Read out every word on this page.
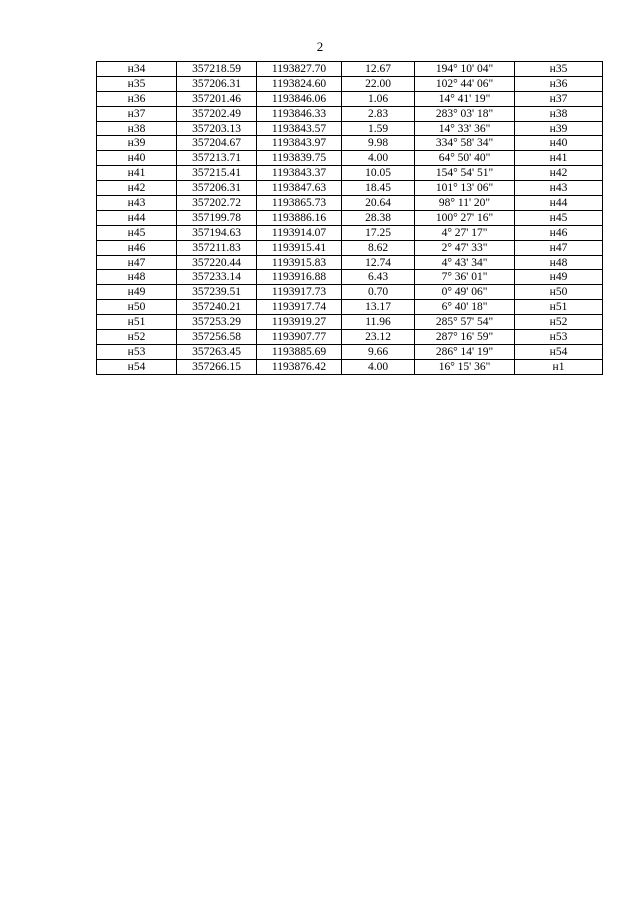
2
н34	357218.59	1193827.70	12.67	194° 10' 04"	н35
н35	357206.31	1193824.60	22.00	102° 44' 06"	н36
н36	357201.46	1193846.06	1.06	14° 41' 19"	н37
н37	357202.49	1193846.33	2.83	283° 03' 18"	н38
н38	357203.13	1193843.57	1.59	14° 33' 36"	н39
н39	357204.67	1193843.97	9.98	334° 58' 34"	н40
н40	357213.71	1193839.75	4.00	64° 50' 40"	н41
н41	357215.41	1193843.37	10.05	154° 54' 51"	н42
н42	357206.31	1193847.63	18.45	101° 13' 06"	н43
н43	357202.72	1193865.73	20.64	98° 11' 20"	н44
н44	357199.78	1193886.16	28.38	100° 27' 16"	н45
н45	357194.63	1193914.07	17.25	4° 27' 17"	н46
н46	357211.83	1193915.41	8.62	2° 47' 33"	н47
н47	357220.44	1193915.83	12.74	4° 43' 34"	н48
н48	357233.14	1193916.88	6.43	7° 36' 01"	н49
н49	357239.51	1193917.73	0.70	0° 49' 06"	н50
н50	357240.21	1193917.74	13.17	6° 40' 18"	н51
н51	357253.29	1193919.27	11.96	285° 57' 54"	н52
н52	357256.58	1193907.77	23.12	287° 16' 59"	н53
н53	357263.45	1193885.69	9.66	286° 14' 19"	н54
н54	357266.15	1193876.42	4.00	16° 15' 36"	н1
